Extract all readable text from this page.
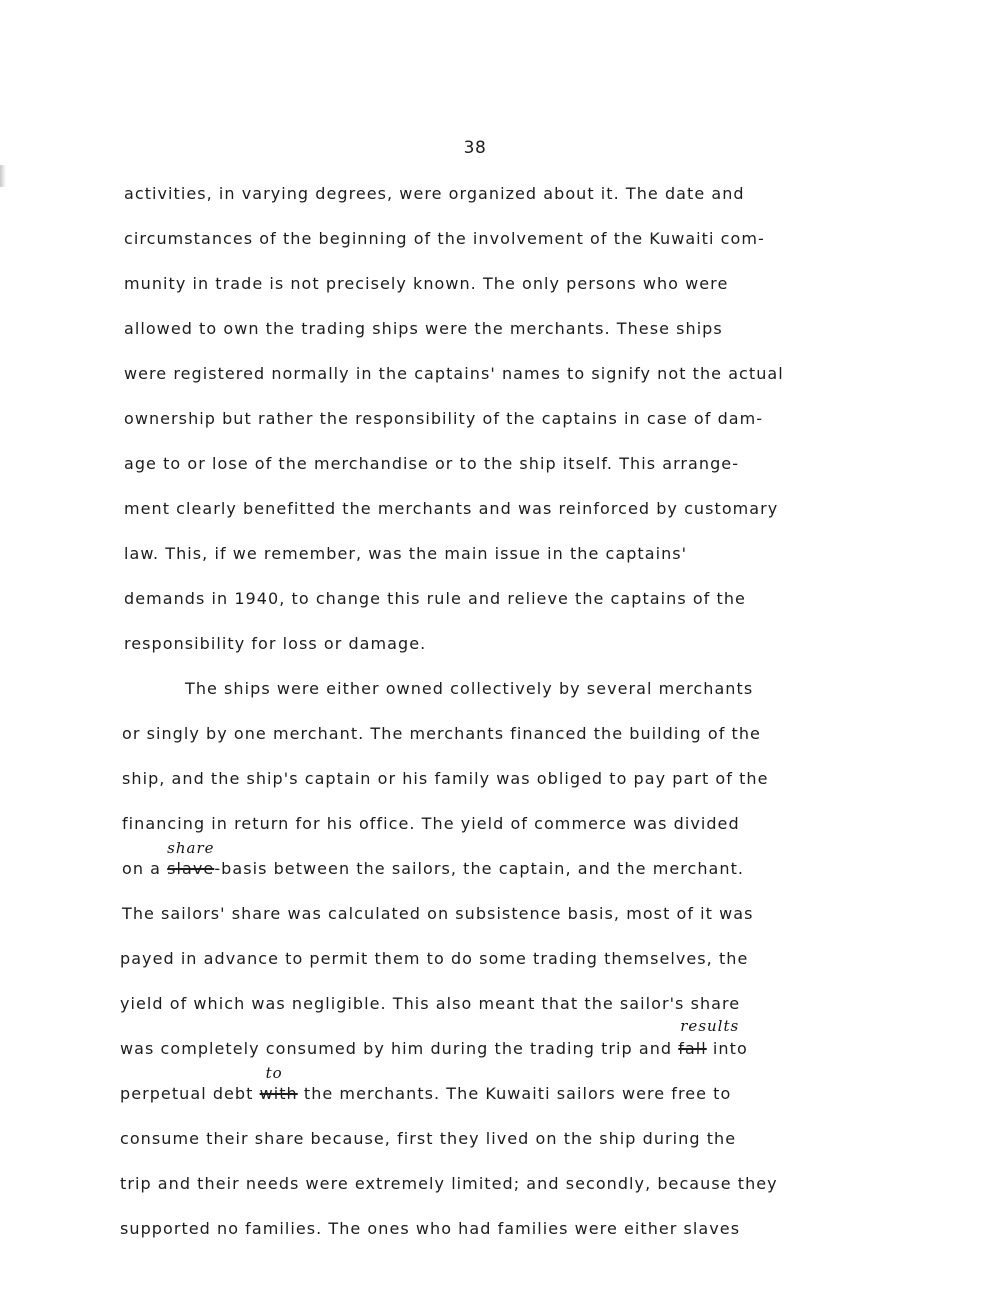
38
activities, in varying degrees, were organized about it. The date and
circumstances of the beginning of the involvement of the Kuwaiti com-
munity in trade is not precisely known. The only persons who were
allowed to own the trading ships were the merchants. These ships
were registered normally in the captains' names to signify not the actual
ownership but rather the responsibility of the captains in case of dam-
age to or lose of the merchandise or to the ship itself. This arrange-
ment clearly benefitted the merchants and was reinforced by customary
law. This, if we remember, was the main issue in the captains'
demands in 1940, to change this rule and relieve the captains of the
responsibility for loss or damage.
The ships were either owned collectively by several merchants
or singly by one merchant. The merchants financed the building of the
ship, and the ship's captain or his family was obliged to pay part of the
financing in return for his office. The yield of commerce was divided
on a
share
slave-basis between the sailors, the captain, and the merchant.
The sailors' share was calculated on subsistence basis, most of it was
payed in advance to permit them to do some trading themselves, the
yield of which was negligible. This also meant that the sailor's share
was completely consumed by him during the trading trip and
results
fall into
perpetual debt
to
with the merchants. The Kuwaiti sailors were free to
consume their share because, first they lived on the ship during the
trip and their needs were extremely limited; and secondly, because they
supported no families. The ones who had families were either slaves
